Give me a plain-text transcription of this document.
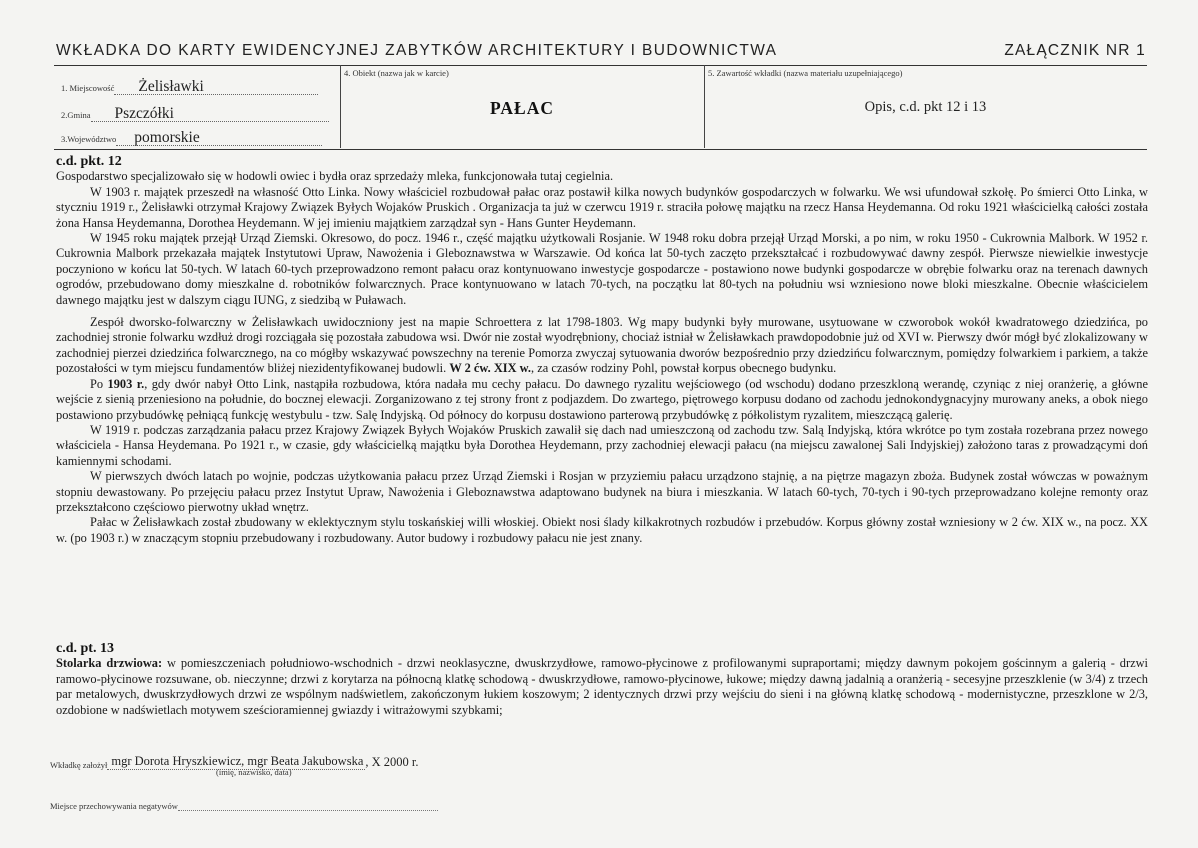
WKŁADKA DO KARTY EWIDENCYJNEJ ZABYTKÓW ARCHITEKTURY I BUDOWNICTWA	ZAŁĄCZNIK NR 1
1. Miejscowość	Żelisławki
2.Gmina	Pszczółki
3.Województwo	pomorskie
4. Obiekt (nazwa jak w karcie)
PAŁAC
5. Zawartość wkładki (nazwa materiału uzupełniającego)
Opis, c.d. pkt 12 i 13
c.d. pkt. 12

Gospodarstwo specjalizowało się w hodowli owiec i bydła oraz sprzedaży mleka, funkcjonowała tutaj cegielnia.

W 1903 r. majątek przeszedł na własność Otto Linka. Nowy właściciel rozbudował pałac oraz postawił kilka nowych budynków gospodarczych w folwarku. We wsi ufundował szkołę. Po śmierci Otto Linka, w styczniu 1919 r., Żelisławki otrzymał Krajowy Związek Byłych Wojaków Pruskich . Organizacja ta już w czerwcu 1919 r. straciła połowę majątku na rzecz Hansa Heydemanna. Od roku 1921 właścicielką całości została żona Hansa Heydemanna, Dorothea Heydemann. W jej imieniu majątkiem zarządzał syn - Hans Gunter Heydemann.

W 1945 roku majątek przejął Urząd Ziemski. Okresowo, do pocz. 1946 r., część majątku użytkowali Rosjanie. W 1948 roku dobra przejął Urząd Morski, a po nim, w roku 1950 - Cukrownia Malbork. W 1952 r. Cukrownia Malbork przekazała majątek Instytutowi Upraw, Nawożenia i Gleboznawstwa w Warszawie. Od końca lat 50-tych zaczęto przekształcać i rozbudowywać dawny zespół. Pierwsze niewielkie inwestycje poczyniono w końcu lat 50-tych. W latach 60-tych przeprowadzono remont pałacu oraz kontynuowano inwestycje gospodarcze - postawiono nowe budynki gospodarcze w obrębie folwarku oraz na terenach dawnych ogrodów, przebudowano domy mieszkalne d. robotników folwarcznych. Prace kontynuowano w latach 70-tych, na początku lat 80-tych na południu wsi wzniesiono nowe bloki mieszkalne. Obecnie właścicielem dawnego majątku jest w dalszym ciągu IUNG, z siedzibą w Puławach.

Zespół dworsko-folwarczny w Żelisławkach uwidoczniony jest na mapie Schroettera z lat 1798-1803. Wg mapy budynki były murowane, usytuowane w czworobok wokół kwadratowego dziedzińca, po zachodniej stronie folwarku wzdłuż drogi rozciągała się pozostała zabudowa wsi. Dwór nie został wyodrębniony, chociaż istniał w Żelisławkach prawdopodobnie już od XVI w. Pierwszy dwór mógł być zlokalizowany w zachodniej pierzei dziedzińca folwarcznego, na co mógłby wskazywać powszechny na terenie Pomorza zwyczaj sytuowania dworów bezpośrednio przy dziedzińcu folwarcznym, pomiędzy folwarkiem i parkiem, a także pozostałości w tym miejscu fundamentów bliżej niezidentyfikowanej budowli. W 2 ćw. XIX w., za czasów rodziny Pohl, powstał korpus obecnego budynku.

Po 1903 r., gdy dwór nabył Otto Link, nastąpiła rozbudowa, która nadała mu cechy pałacu. Do dawnego ryzalitu wejściowego (od wschodu) dodano przeszkloną werandę, czyniąc z niej oranżerię, a główne wejście z sienią przeniesiono na południe, do bocznej elewacji. Zorganizowano z tej strony front z podjazdem. Do zwartego, piętrowego korpusu dodano od zachodu jednokondygnacyjny murowany aneks, a obok niego postawiono przybudówkę pełniącą funkcję westybulu - tzw. Salę Indyjską. Od północy do korpusu dostawiono parterową przybudówkę z półkolistym ryzalitem, mieszczącą galerię.

W 1919 r. podczas zarządzania pałacu przez Krajowy Związek Byłych Wojaków Pruskich zawalił się dach nad umieszczoną od zachodu tzw. Salą Indyjską, która wkrótce po tym została rozebrana przez nowego właściciela - Hansa Heydemana. Po 1921 r., w czasie, gdy właścicielką majątku była Dorothea Heydemann, przy zachodniej elewacji pałacu (na miejscu zawalonej Sali Indyjskiej) założono taras z prowadzącymi doń kamiennymi schodami.

W pierwszych dwóch latach po wojnie, podczas użytkowania pałacu przez Urząd Ziemski i Rosjan w przyziemiu pałacu urządzono stajnię, a na piętrze magazyn zboża. Budynek został wówczas w poważnym stopniu dewastowany. Po przejęciu pałacu przez Instytut Upraw, Nawożenia i Gleboznawstwa adaptowano budynek na biura i mieszkania. W latach 60-tych, 70-tych i 90-tych przeprowadzano kolejne remonty oraz przekształcono częściowo pierwotny układ wnętrz.

Pałac w Żelisławkach został zbudowany w eklektycznym stylu toskańskiej willi włoskiej. Obiekt nosi ślady kilkakrotnych rozbudów i przebudów. Korpus główny został wzniesiony w 2 ćw. XIX w., na pocz. XX w. (po 1903 r.) w znaczącym stopniu przebudowany i rozbudowany. Autor budowy i rozbudowy pałacu nie jest znany.

c.d. pt. 13

Stolarka drzwiowa: w pomieszczeniach południowo-wschodnich - drzwi neoklasyczne, dwuskrzydłowe, ramowo-płycinowe z profilowanymi supraportami; między dawnym pokojem gościnnym a galerią - drzwi ramowo-płycinowe rozsuwane, ob. nieczynne; drzwi z korytarza na północną klatkę schodową - dwuskrzydłowe, ramowo-płycinowe, łukowe; między dawną jadalnią a oranżerią - secesyjne przeszklenie (w 3/4) z trzech par metalowych, dwuskrzydłowych drzwi ze wspólnym nadświetlem, zakończonym łukiem koszowym; 2 identycznych drzwi przy wejściu do sieni i na główną klatkę schodową - modernistyczne, przeszklone w 2/3, ozdobione w nadświetlach motywem sześcioramiennej gwiazdy i witrażowymi szybkami;

Wkładkę założył mgr Dorota Hryszkiewicz, mgr Beata Jakubowska , X 2000 r.
(imię, nazwisko, data)
Miejsce przechowywania negatywów
